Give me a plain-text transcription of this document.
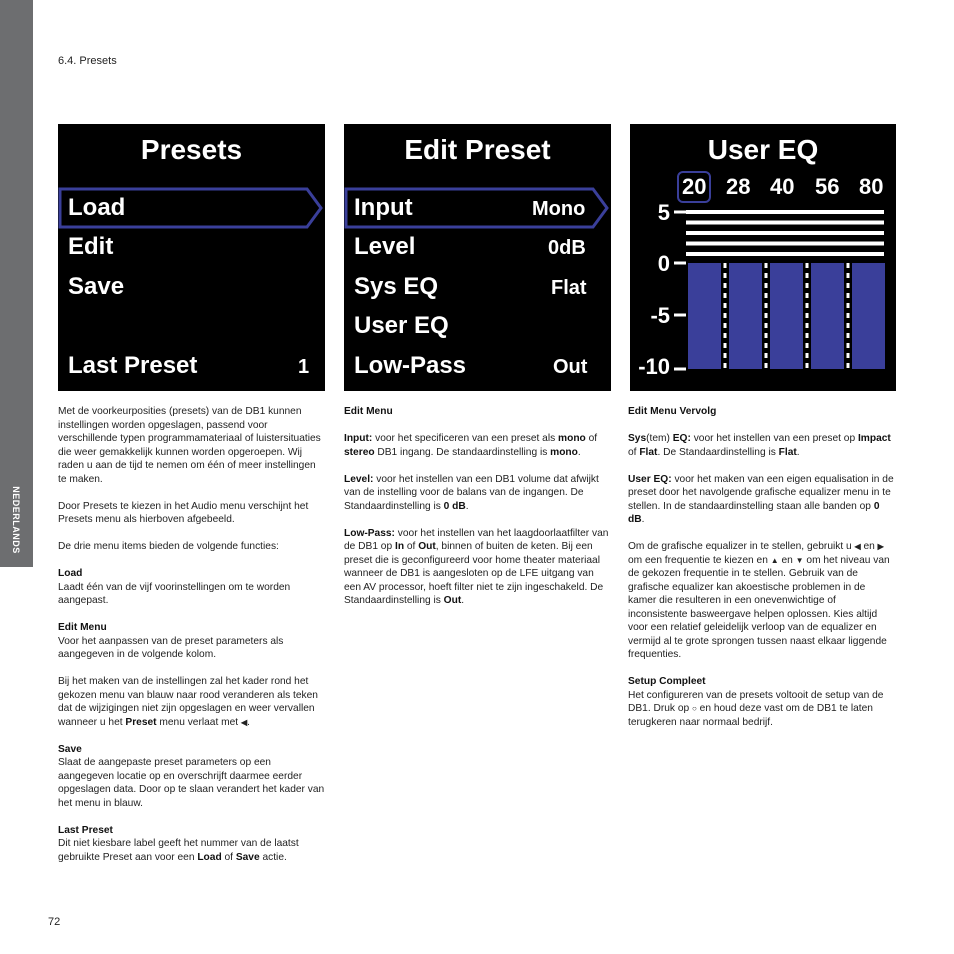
NEDERLANDS
6.4. Presets
Presets
Load
Edit
Save
Last Preset	1
Edit Preset
Input	Mono
Level	0dB
Sys EQ	Flat
User EQ
Low-Pass	Out
User EQ
20 28 40 56 80
5
0
-5
-10

Met de voorkeurposities (presets) van de DB1 kunnen instellingen worden opgeslagen, passend voor verschillende typen programmamateriaal of luistersituaties die weer gemakkelijk kunnen worden opgeroepen. Wij raden u aan de tijd te nemen om één of meer instellingen te maken.

Door Presets te kiezen in het Audio menu verschijnt het Presets menu als hierboven afgebeeld.

De drie menu items bieden de volgende functies:

Load
Laadt één van de vijf voorinstellingen om te worden aangepast.

Edit Menu
Voor het aanpassen van de preset parameters als aangegeven in de volgende kolom.

Bij het maken van de instellingen zal het kader rond het gekozen menu van blauw naar rood veranderen als teken dat de wijzigingen niet zijn opgeslagen en weer vervallen wanneer u het Preset menu verlaat met ◀.

Save
Slaat de aangepaste preset parameters op een aangegeven locatie op en overschrijft daarmee eerder opgeslagen data. Door op te slaan verandert het kader van het menu in blauw.

Last Preset
Dit niet kiesbare label geeft het nummer van de laatst gebruikte Preset aan voor een Load of Save actie.

Edit Menu

Input: voor het specificeren van een preset als mono of stereo DB1 ingang. De standaardinstelling is mono.

Level: voor het instellen van een DB1 volume dat afwijkt van de instelling voor de balans van de ingangen. De Standaardinstelling is 0 dB.

Low-Pass: voor het instellen van het laagdoorlaatfilter van de DB1 op In of Out, binnen of buiten de keten. Bij een preset die is geconfigureerd voor home theater materiaal wanneer de DB1 is aangesloten op de LFE uitgang van een AV processor, hoeft filter niet te zijn ingeschakeld. De Standaardinstelling is Out.

Edit Menu Vervolg

Sys(tem) EQ: voor het instellen van een preset op Impact of Flat. De Standaardinstelling is Flat.

User EQ: voor het maken van een eigen equalisation in de preset door het navolgende grafische equalizer menu in te stellen. In de standaardinstelling staan alle banden op 0 dB.

Om de grafische equalizer in te stellen, gebruikt u ◀ en ▶ om een frequentie te kiezen en ▲ en ▼ om het niveau van de gekozen frequentie in te stellen. Gebruik van de grafische equalizer kan akoestische problemen in de kamer die resulteren in een onevenwichtige of inconsistente basweergave helpen oplossen. Kies altijd voor een relatief geleidelijk verloop van de equalizer en vermijd al te grote sprongen tussen naast elkaar liggende frequenties.

Setup Compleet
Het configureren van de presets voltooit de setup van de DB1. Druk op ○ en houd deze vast om de DB1 te laten terugkeren naar normaal bedrijf.

72
